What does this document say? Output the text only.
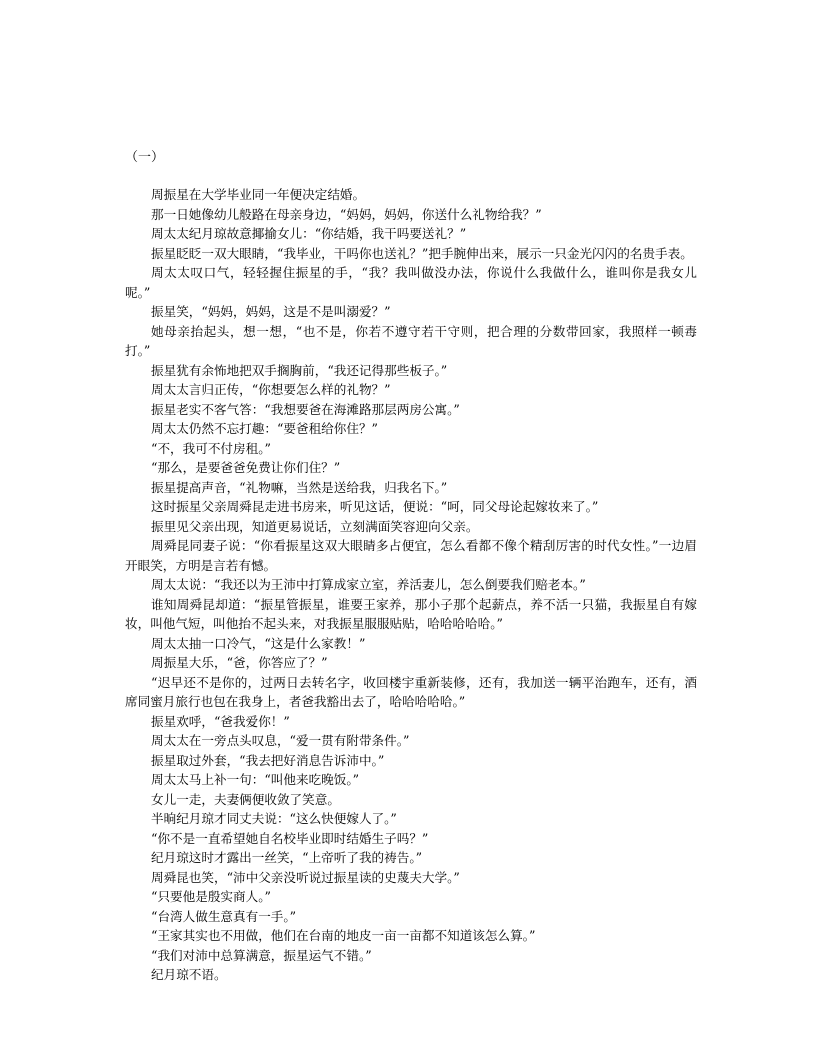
（一）

周振星在大学毕业同一年便决定结婚。

那一日她像幼儿般路在母亲身边，“妈妈，妈妈，你送什么礼物给我？”

周太太纪月琼故意揶揄女儿：“你结婚，我干吗要送礼？”

振星眨眨一双大眼睛，“我毕业，干吗你也送礼？”把手腕伸出来，展示一只金光闪闪的名贵手表。

周太太叹口气，轻轻握住振星的手，“我？我叫做没办法，你说什么我做什么，谁叫你是我女儿呢。”

振星笑，“妈妈，妈妈，这是不是叫溺爱？”

她母亲抬起头，想一想，“也不是，你若不遵守若干守则，把合理的分数带回家，我照样一顿毒打。”

振星犹有余怖地把双手搁胸前，“我还记得那些板子。”

周太太言归正传，“你想要怎么样的礼物？”

振星老实不客气答：“我想要爸在海滩路那层两房公寓。”

周太太仍然不忘打趣：“要爸租给你住？”

“不，我可不付房租。”

“那么，是要爸爸免费让你们住？”

振星提高声音，“礼物嘛，当然是送给我，归我名下。”

这时振星父亲周舜昆走进书房来，听见这话，便说：“呵，同父母论起嫁妆来了。”

振里见父亲出现，知道更易说话，立刻满面笑容迎向父亲。

周舜昆同妻子说：“你看振星这双大眼睛多占便宜，怎么看都不像个精刮厉害的时代女性。”一边眉开眼笑，方明是言若有憾。

周太太说：“我还以为王沛中打算成家立室，养活妻儿，怎么倒要我们赔老本。”

谁知周舜昆却道：“振星管振星，谁要王家养，那小子那个起薪点，养不活一只猫，我振星自有嫁妆，叫他气短，叫他抬不起头来，对我振星服服贴贴，哈哈哈哈哈。”

周太太抽一口冷气，“这是什么家教！”

周振星大乐，“爸，你答应了？”

“迟早还不是你的，过两日去转名字，收回楼宇重新装修，还有，我加送一辆平治跑车，还有，酒席同蜜月旅行也包在我身上，者爸我豁出去了，哈哈哈哈哈。”

振星欢呼，“爸我爱你！”

周太太在一旁点头叹息，“爱一贯有附带条件。”

振星取过外套，“我去把好消息告诉沛中。”

周太太马上补一句：“叫他来吃晚饭。”

女儿一走，夫妻俩便收敛了笑意。

半晌纪月琼才同丈夫说：“这么快便嫁人了。”

“你不是一直希望她自名校毕业即时结婚生子吗？”

纪月琼这时才露出一丝笑，“上帝听了我的祷告。”

周舜昆也笑，“沛中父亲没听说过振星读的史蔑夫大学。”

“只要他是殷实商人。”

“台湾人做生意真有一手。”

“王家其实也不用做，他们在台南的地皮一亩一亩都不知道该怎么算。”

“我们对沛中总算满意，振星运气不错。”

纪月琼不语。
